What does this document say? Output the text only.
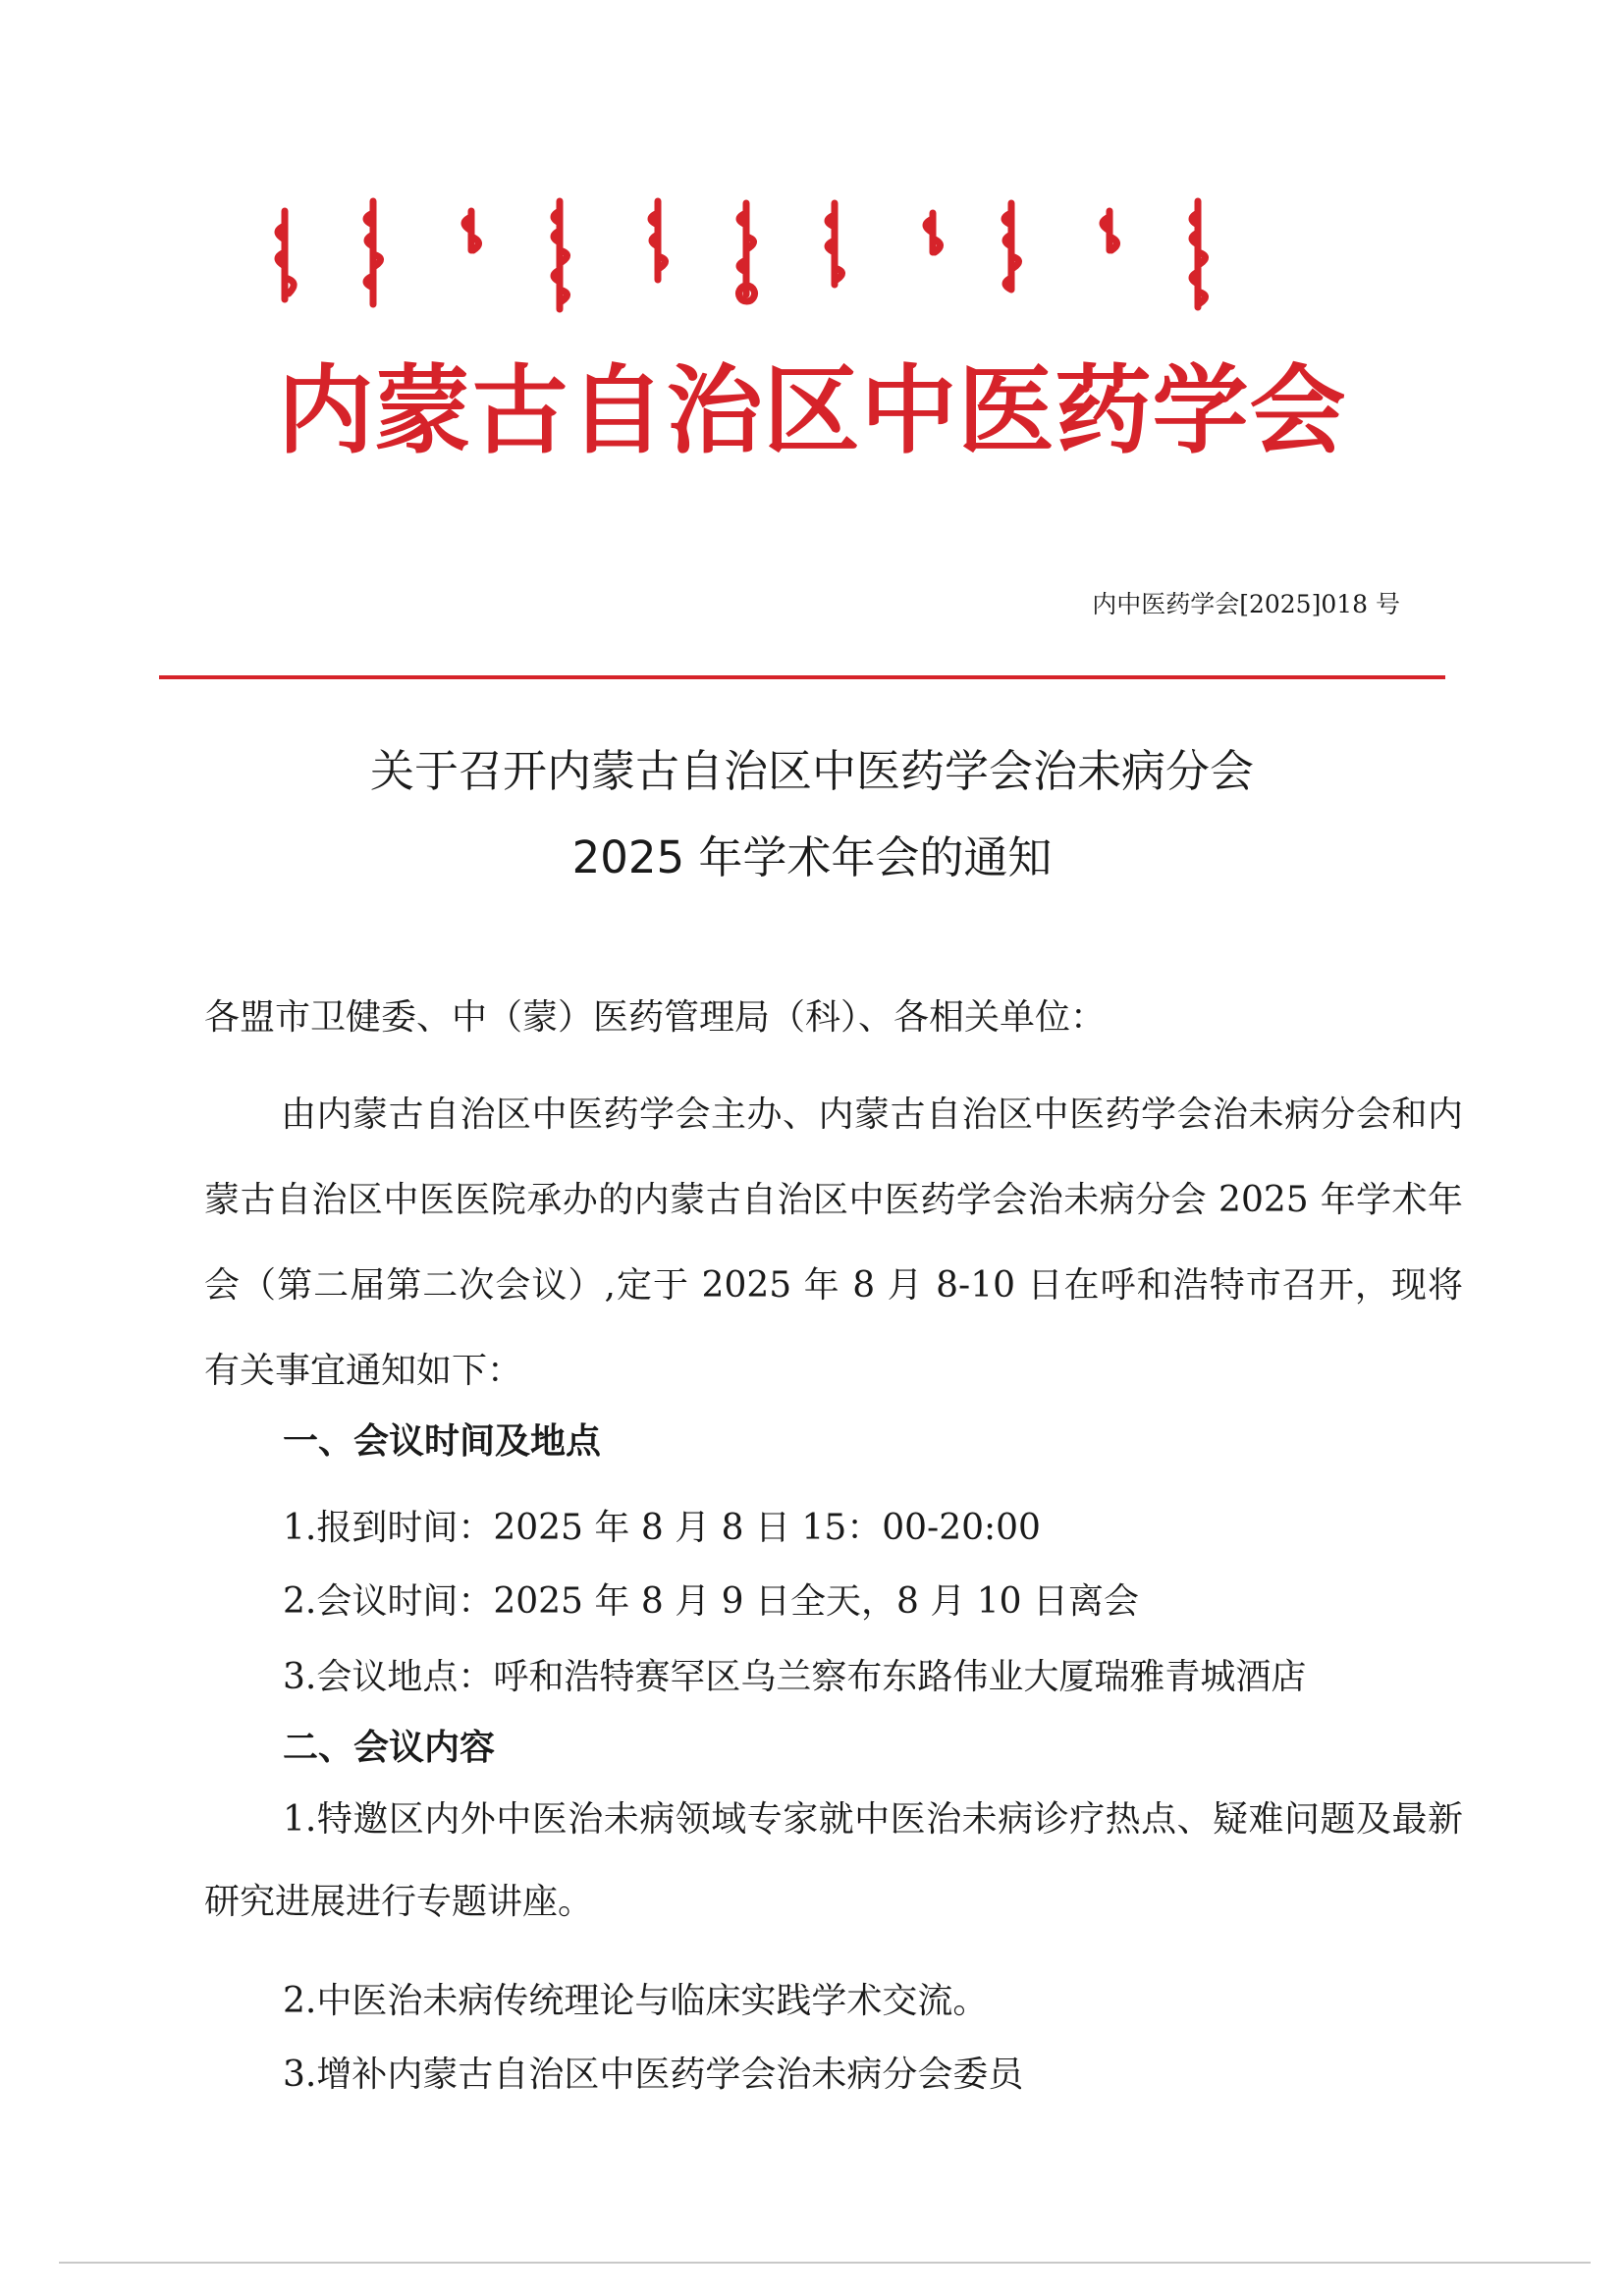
内蒙古自治区中医药学会
内中医药学会[2025]018 号
关于召开内蒙古自治区中医药学会治未病分会
2025 年学术年会的通知
各盟市卫健委、中（蒙）医药管理局（科）、各相关单位：
由内蒙古自治区中医药学会主办、内蒙古自治区中医药学会治未病分会和内蒙古自治区中医医院承办的内蒙古自治区中医药学会治未病分会 2025 年学术年会（第二届第二次会议）,定于 2025 年 8 月 8-10 日在呼和浩特市召开，现将有关事宜通知如下：
一、会议时间及地点
1.报到时间：2025 年 8 月 8 日 15：00-20:00
2.会议时间：2025 年 8 月 9 日全天，8 月 10 日离会
3.会议地点：呼和浩特赛罕区乌兰察布东路伟业大厦瑞雅青城酒店
二、会议内容
1.特邀区内外中医治未病领域专家就中医治未病诊疗热点、疑难问题及最新研究进展进行专题讲座。
2.中医治未病传统理论与临床实践学术交流。
3.增补内蒙古自治区中医药学会治未病分会委员
